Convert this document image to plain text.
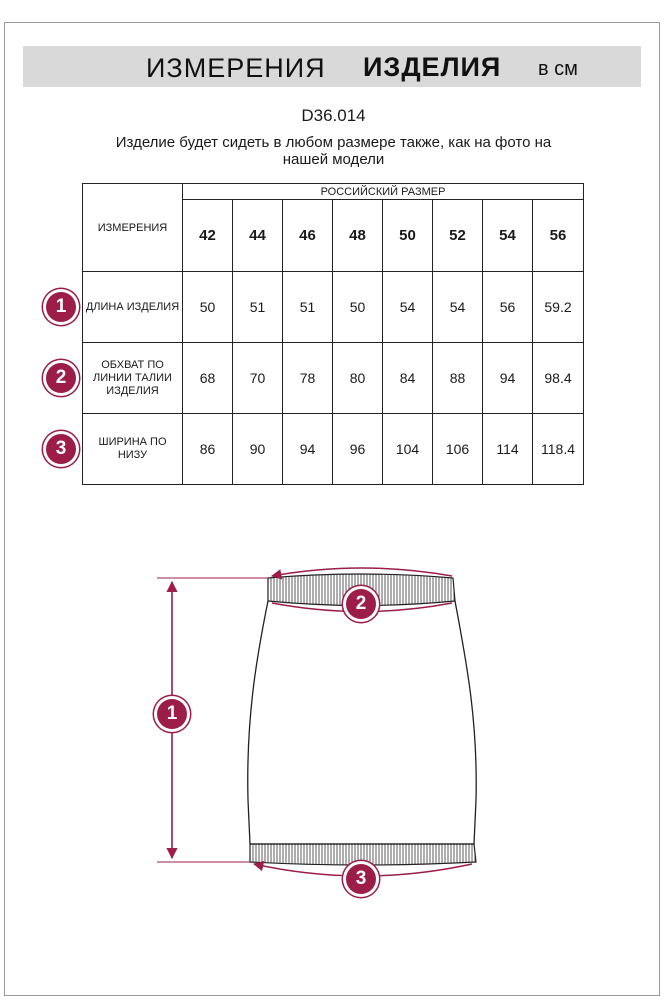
ИЗМЕРЕНИЯ ИЗДЕЛИЯ в см
D36.014
Изделие будет сидеть в любом размере также, как на фото на нашей модели
ИЗМЕРЕНИЯ	РОССИЙСКИЙ РАЗМЕР							
	42	44	46	48	50	52	54	56
ДЛИНА ИЗДЕЛИЯ	50	51	51	50	54	54	56	59.2
ОБХВАТ ПО ЛИНИИ ТАЛИИ ИЗДЕЛИЯ	68	70	78	80	84	88	94	98.4
ШИРИНА ПО НИЗУ	86	90	94	96	104	106	114	118.4
1
2
3
1
2
3
